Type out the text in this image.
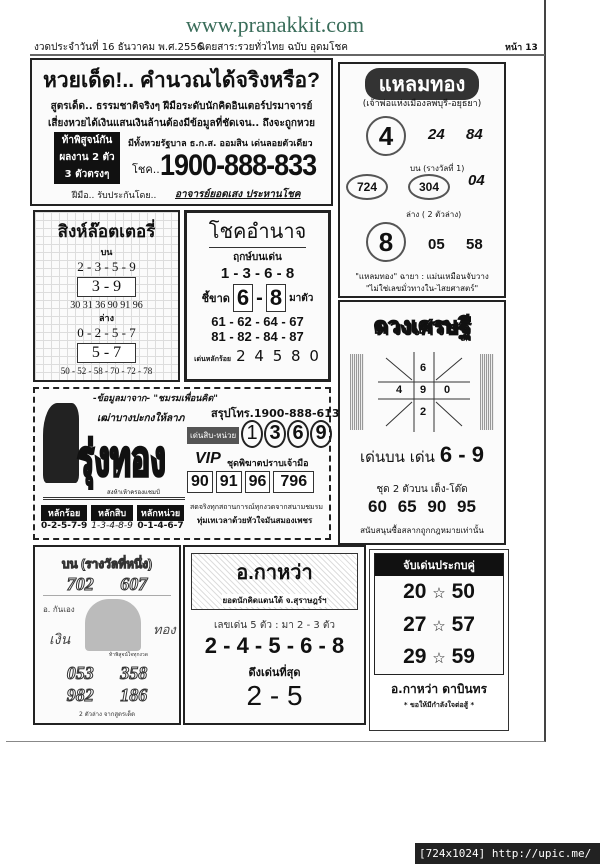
www.pranakkit.com
งวดประจำวันที่ 16 ธันวาคม พ.ศ.2556
นิตยสาร:รวยทั่วไทย ฉบับ อุดมโชค	หน้า 13
หวยเด็ด!.. คำนวณได้จริงหรือ?
สูตรเด็ด.. ธรรมชาติจริงๆ ฝีมือระดับนักคิดอินเตอร์ปรมาจารย์
เสี่ยงหวยได้เงินแสนเงินล้านต้องมีข้อมูลที่ชัดเจน.. ถึงจะถูกหวย
ท้าพิสูจน์กัน
ผลงาน 2 ตัว
3 ตัวตรงๆ
มีทั้งหวยรัฐบาล ธ.ก.ส. ออมสิน เด่นลอยตัวเดียว
โชค.. 1900-888-833
ฝีมือ.. รับประกันโดย.. อาจารย์ยอดเสง ประหานโชค
แหลมทอง
(เจ้าพ่อแห่งเมืองลพบุรี-อยุธยา)
4	24 84
บน (รางวัลที่ 1)
724	304	04
ล่าง ( 2 ตัวล่าง)
8	05 58
"แหลมทอง" ฉายา : แม่นเหมือนจับวาง
"ไม่ใช่เลขมั่วทางใน-ไสยศาสตร์"
สิงห์ล๊อตเตอรี่
บน
2 - 3 - 5 - 9
3 - 9
30 31 36 90 91 96
ล่าง
0 - 2 - 5 - 7
5 - 7
50 - 52 - 58 - 70 - 72 - 78
โชคอำนาจ
ฤกษ์บนเด่น
1 - 3 - 6 - 8
ชี้ขาด 6 - 8 มาตัว
61 - 62 - 64 - 67
81 - 82 - 84 - 87
เด่นหลักร้อย 2 4 5 8 0
ดวงเศรษฐี
6
4 9 0
2
เด่นบน เด่น 6 - 9
ชุด 2 ตัวบน เต็ง-โต๊ด
60 65 90 95
สนับสนุนซื้อสลากถูกกฎหมายเท่านั้น
-ข้อมูลมาจาก- "ชมรมเพื่อนคิด"
สรุปโทร.1900-888-613
เฒ่าบางปะกงให้ลาภ
รุ่งทอง
สงห้าเห้าครองแชมป์
หลักร้อย
0-2-5-7-9
หลักสิบ
1-3-4-8-9
หลักหน่วย
0-1-4-6-7
เด่นสิบ-หน่วย 1 3 6 9
VIP ชุดพิฆาตปราบเจ้ามือ
90 91 96 796
สดจริงทุกสถานการณ์ทุกงวดจากสนามชมรม
ทุ่มเทเวลาด้วยหัวใจมันสมองเพชร
บน (รางวัลที่หนึ่ง)
702 607
อ. กันเอง
เงิน
ทอง
ท้าพิสูจน์ใจทุกงวด
053 358
982 186
2 ตัวล่าง จากสูตรเด็ด
อ.กาหว่า
ยอดนักคิดแดนใต้ จ.สุราษฎร์ฯ
เลขเด่น 5 ตัว : มา 2 - 3 ตัว
2 - 4 - 5 - 6 - 8
ดึงเด่นที่สุด
2 - 5
จับเด่นประกบคู่
20 ☆ 50
27 ☆ 57
29 ☆ 59
อ.กาหว่า ดาบินทร
* ขอให้มีกำลังใจต่อสู้ *
[724x1024] http://upic.me/
